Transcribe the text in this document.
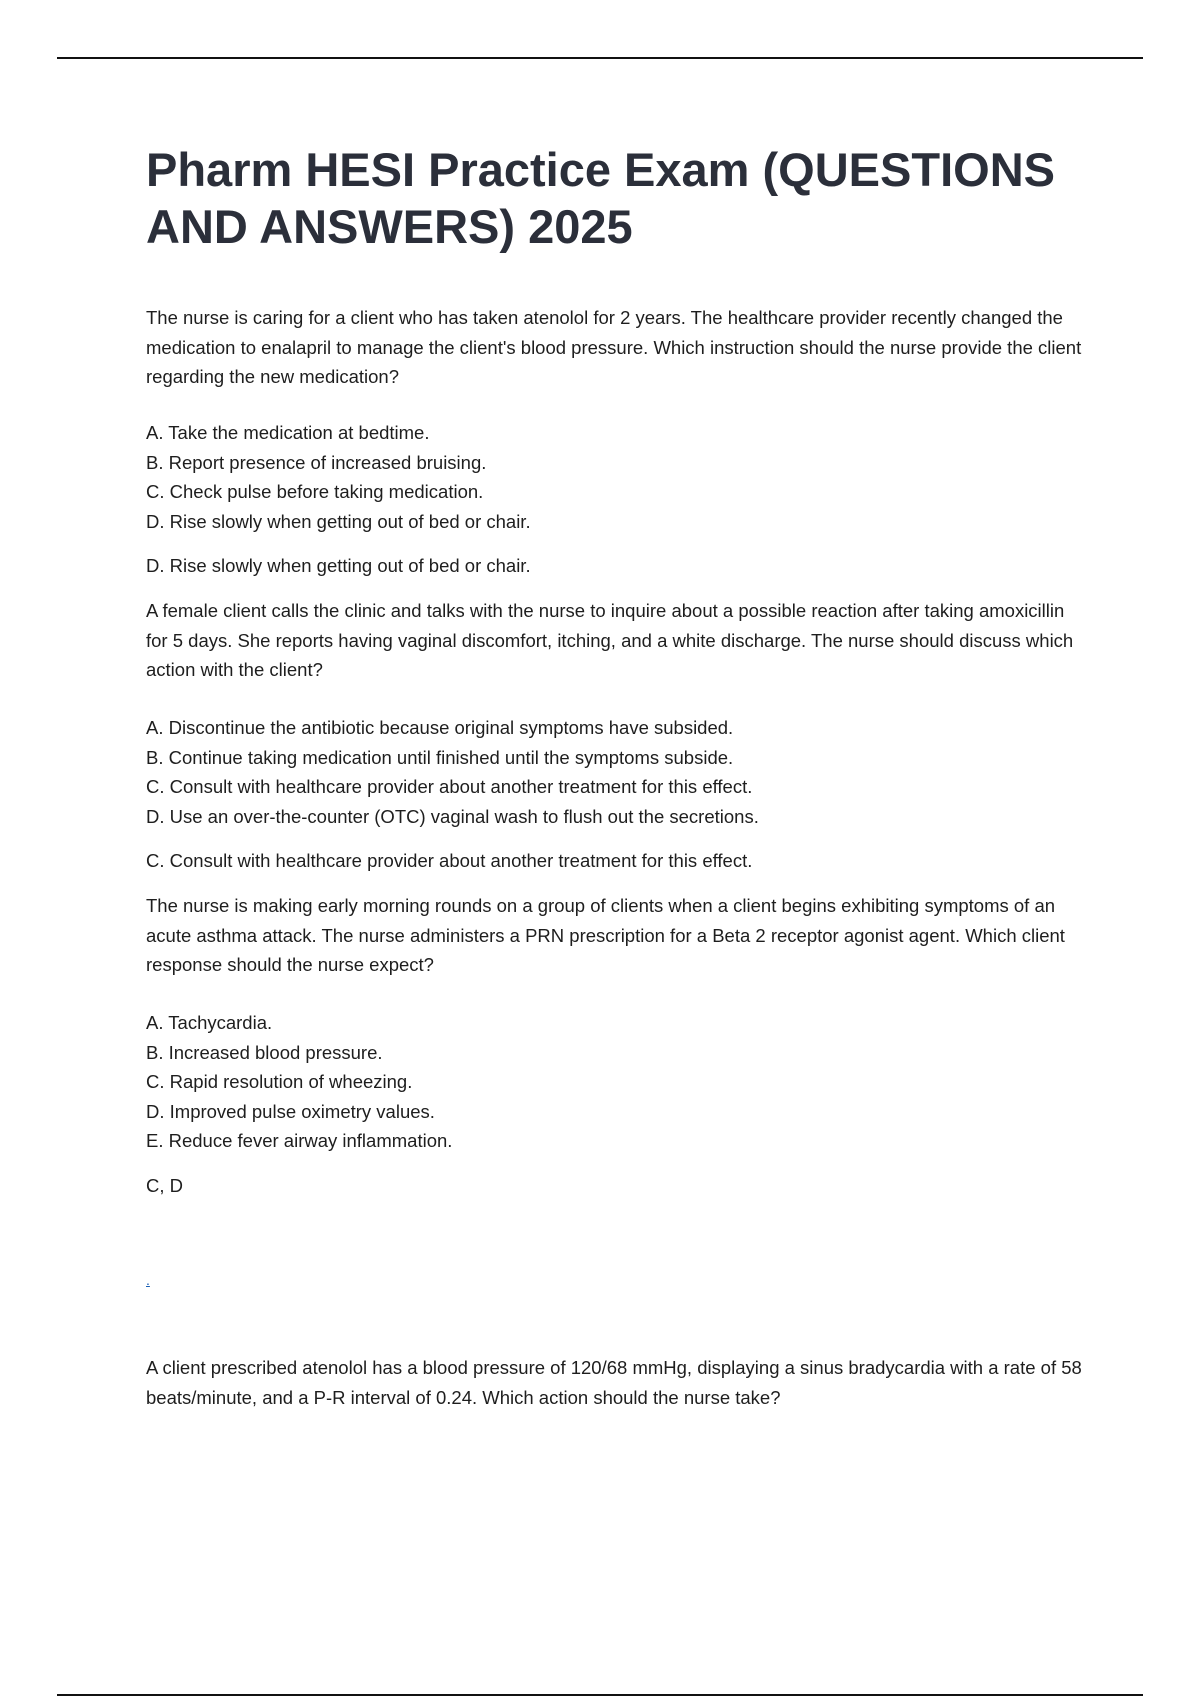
Pharm HESI Practice Exam (QUESTIONS AND ANSWERS) 2025

The nurse is caring for a client who has taken atenolol for 2 years. The healthcare provider recently changed the medication to enalapril to manage the client's blood pressure. Which instruction should the nurse provide the client regarding the new medication?

A. Take the medication at bedtime.
B. Report presence of increased bruising.
C. Check pulse before taking medication.
D. Rise slowly when getting out of bed or chair.

D. Rise slowly when getting out of bed or chair.

A female client calls the clinic and talks with the nurse to inquire about a possible reaction after taking amoxicillin for 5 days. She reports having vaginal discomfort, itching, and a white discharge. The nurse should discuss which action with the client?

A. Discontinue the antibiotic because original symptoms have subsided.
B. Continue taking medication until finished until the symptoms subside.
C. Consult with healthcare provider about another treatment for this effect.
D. Use an over-the-counter (OTC) vaginal wash to flush out the secretions.

C. Consult with healthcare provider about another treatment for this effect.

The nurse is making early morning rounds on a group of clients when a client begins exhibiting symptoms of an acute asthma attack. The nurse administers a PRN prescription for a Beta 2 receptor agonist agent. Which client response should the nurse expect?

A. Tachycardia.
B. Increased blood pressure.
C. Rapid resolution of wheezing.
D. Improved pulse oximetry values.
E. Reduce fever airway inflammation.

C, D

.

A client prescribed atenolol has a blood pressure of 120/68 mmHg, displaying a sinus bradycardia with a rate of 58 beats/minute, and a P-R interval of 0.24. Which action should the nurse take?
